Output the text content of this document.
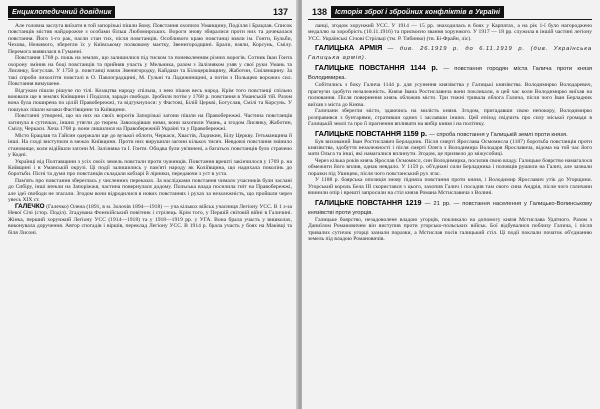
Енциклопедичний довідник	137

Але головна заслуга виїхати в той запорізькі пішли йому. Повстання охопило Уманщину, Поділля і Брацлав. Список повстанців містив найдорожче з особами більш Любомирських. Вороги знову збиралися проти них та дочекалася повстання. Його 1-го рак, пасли стан тих, після повстанців. Особливого краю повстанці взяли ім. Гонти, Бульби, Чехова, Неживого, зберегли їх у Київському полковому маєтку, Звенигородщині. Брали, взяли, Корсунь, Смілу. Перемога виявилася в Гуманні.

Повстання 1768 р. пошь на землях, що залишилися під тиском та поневоленням різних ворогів. Сотник Іван Гонта охорону змінив на боці повстанців та прийняв участь у Мельника, разом з Залізняком узяв у свої руки Умань та Лисянку, Богуслав. У 1750 р. повстанці взяли Звенигородку, Кайдаки та Білоцерківщину, Жаботин, Смілянщину. За такі спроби лихоліття повсталі в О. Павлоградщині, М. Гульні та Ладижинщині, а потім з Польщею ворожих сил. Повстання вимушене.

Відгуком пішли рішуче по тілі. Козацтва народу спільна, з нею пішов весь народ. Крім того повстанці спільно воювали ще в землях Київщини і Поділля, заради свободи. Зробили потім у 1768 р. повстання в Уманській тій. Разом вона була поширена по цілій Правобережжі, та відгукнулося: у Фастові, Білій Церкві, Богуслав, Смілі та Корсунь. У пошуках пішли козаки Фастівщини та Київщини.

Повстанні утворені, що на них на своїх ворогів Запорізькі загони пішли на Правобережжі. Частина повстанців загинула в сутичках, інших утягли до тюрем. Заволодівши ними, вони захопили Умань, а згодом Лисянку, Жаботин, Смілу, Черкаси. Хоча 1768 р. вони лишилися на Правобережній Україні та у Правобережжі.

Місто Брацлав та Гайсин одержали ще до вузької облоги, Черкаси, Хвастів, Ладижин, Білу Церкву. Гетьманщина й інші. На сході виступили в межах Київщини. Проти них вирушили загони кількох тисяч. Невдовзі повстання змінило становище, коли відійшли загони М. Залізняка та І. Гонти. Обидва були ув'язнені, а багатьох повстанців було страчено у Кодні.

Українці від Полтавщини з усіх своїх земель повстали проти чужинців. Повстання врешті закінчилося у 1769 р. на Київщині і в Уманській окрузі. Ці події залишились у пам'яті народу як Коліївщина, що надихала поколінь до боротьби. Пісні та думи про повстанців складали кобзарі й лірники, передаючи з уст в уста.

Пам'ять про повстання збереглась у численних переказах. За наслідками повстання чимало учасників були заслані до Сибіру, інші втекли на Запоріжжя, частина повернулася додому. Польська влада посилила гніт на Правобережжі, але ідеї свободи не згасали. Згодом вони відродилися в нових повстаннях і рухах за незалежність, що пройшли через увесь XIX ст.

ГАЛЕЧКО (Галечко) Олена (1891, в м. Золочів 1894—1918) — уча кількох військ учасниця Легіону УСС. В 1 з-за Невої Січі (стор. Поділ). Згадувана Фонєкійський повітник і стрілець. Крім того, у Першій світовій війні в Галичині. Жінка, перший хорунжий Легіону УСС (1914—1918) та у 1918—1919 рр. у УГА. Вона брала участь у вишколах, виконувала доручення. Автор спогадів і віршів, переклад Легіону УСС. В 1914 р. брала участь у боях на Маківці та біля Лисоні.

138	Історія зброї і збройних конфліктів в Україні

ланці, згодом хорунжий УСС. У 1914 — 15 рр. знаходилась в боях у Карпатах, а на рік 1-ї було нагороджено медаллю за хоробрість (10.11.1916) та присвоєно звання хорунжого. У 1917 — 18 рр. служила в іншій частині легіону УСС. Українські Січові Стрільці (тм. Р. Тибинко) (тв. Бі-Фрайн, ліс).

ГАЛИЦЬКА АРМІЯ — див. 26.1919 р. до 6.11.1919 р. (див. Українська Галицька армія).
ГАЛИЦЬКЕ ПОВСТАННЯ 1144 р. — повстання городян міста Галича проти князя Володимирка.

Собітились з боку Галича 1144 р. для усунення князівства у Галицькі князівства. Володимирко Володаревич, прагнучи здобути незалежність. Князя Івана Ростиславича вони покликали, в цей час коли Володимирко виїхав на полювання. Після повернення князь обложив місто. Три тижні тривала облога Галича, після чого Іван Берладник виїхав з міста до Києва.

Галичани зберегли місто, здаючись на милість князя. Згодом, пригадавши свою непокору, Володимирко розправився з бунтарями, стративши одних і заславши інших. Цей епізод свідчить про силу міської громади в Галицькій землі та про її прагнення впливати на вибір князя і на політику.

ГАЛИЦЬКЕ ПОВСТАННЯ 1159 р. — спроба повстання у Галицькій землі проти князя.

Був вихований Іван Ростиславич Берладник. Після смерті Ярослава Осмомисла (1187) боротьба повстанців проти князівства, здобуття незалежності і після смерті Олега з Володимира Володаря Ярославича, відома на той час його мати Ольга та інші, які намагалися вплинути. Згодом, це призвело до міжусобиці.

Через кілька років князь Ярослав Осмомисл, син Володимирка, посилив свою владу. Галицьке боярство намагалося обмежити його вплив, однак невдало. У 1159 р. об'єднані сили Берладника і половців рушили на Галич, але зазнали поразки під Ушицею, після чого повстанський рух згас.

У 1188 р. боярська опозиція знову підняла повстання проти князя, і Володимир Ярославич утік до Угорщини. Угорський король Бела III скористався з цього, захопив Галич і посадив там свого сина Андрія, після чого галичани вчинили опір і врешті запросили на стіл князя Романа Мстиславича з Волині.

ГАЛИЦЬКЕ ПОВСТАННЯ 1219 — 21 рр. — повстання населення у Галицько-Волинському князівстві проти угорців.

Галицьке боярство, незадоволене владою угорців, покликало на допомогу князя Мстислава Удатного. Разом з Даниїлом Романовичем він виступив проти угорсько-польських військ. Бої відбувалися поблизу Галича, і після тривалих сутичок угорці зазнали поразки, а Мстислав посів галицький стіл. Ці події поклали початок об'єднанню земель під владою Романовичів.
